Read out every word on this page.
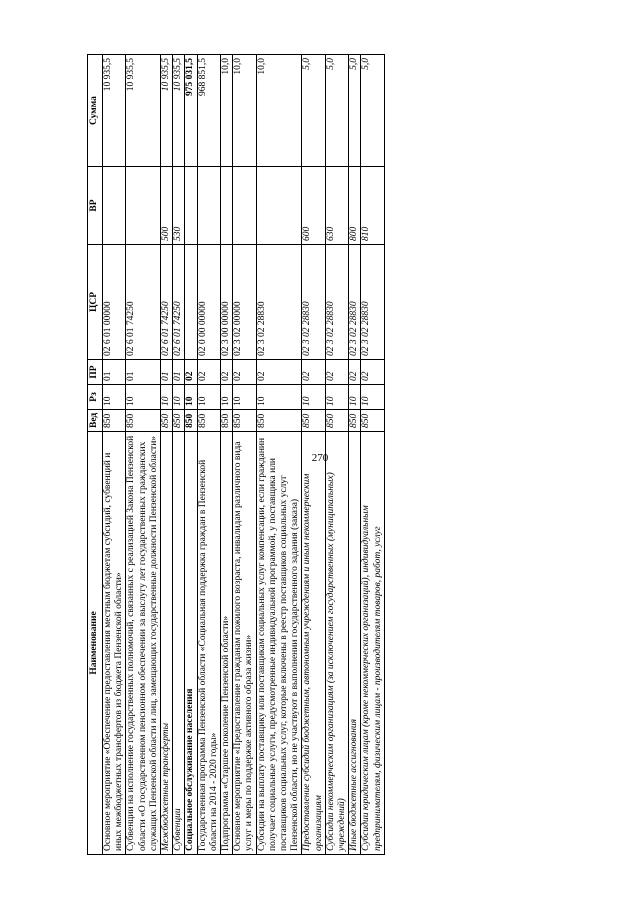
270
Наименование	Вед	Рз	ПР	ЦСР	ВР	Сумма
Основное мероприятие «Обеспечение предоставления местным бюджетам субсидий, субвенций и иных межбюджетных трансфертов из бюджета Пензенской области»	850	10	01	02 6 01 00000		10 935,5
Субвенции на исполнение государственных полномочий, связанных с реализацией Закона Пензенской области «О государственном пенсионном обеспечении за выслугу лет государственных гражданских служащих Пензенской области и лиц, замещающих государственные должности Пензенской области»	850	10	01	02 6 01 74250		10 935,5
Межбюджетные трансферты	850	10	01	02 6 01 74250	500	10 935,5
Субвенции	850	10	01	02 6 01 74250	530	10 935,5
Социальное обслуживание населения	850	10	02			975 031,5
Государственная программа Пензенской области «Социальная поддержка граждан в Пензенской области на 2014 - 2020 годы»	850	10	02	02 0 00 00000		968 851,5
Подпрограмма «Старшее поколение Пензенской области»	850	10	02	02 3 00 00000		10,0
Основное мероприятие «Предоставление гражданам пожилого возраста, инвалидам различного вида услуг и меры по поддержке активного образа жизни»	850	10	02	02 3 02 00000		10,0
Субсидии на выплату поставщику или поставщикам социальных услуг компенсации, если гражданин получает социальные услуги, предусмотренные индивидуальной программой, у поставщика или поставщиков социальных услуг, которые включены в реестр поставщиков социальных услуг Пензенской области, но не участвуют в выполнении государственного задания (заказа)	850	10	02	02 3 02 28830		10,0
Предоставление субсидий бюджетным, автономным учреждениям и иным некоммерческим организациям	850	10	02	02 3 02 28830	600	5,0
Субсидии некоммерческим организациям (за исключением государственных (муниципальных) учреждений)	850	10	02	02 3 02 28830	630	5,0
Иные бюджетные ассигнования	850	10	02	02 3 02 28830	800	5,0
Субсидии юридическим лицам (кроме некоммерческих организаций), индивидуальным предпринимателям, физическим лицам - производителям товаров, работ, услуг	850	10	02	02 3 02 28830	810	5,0
